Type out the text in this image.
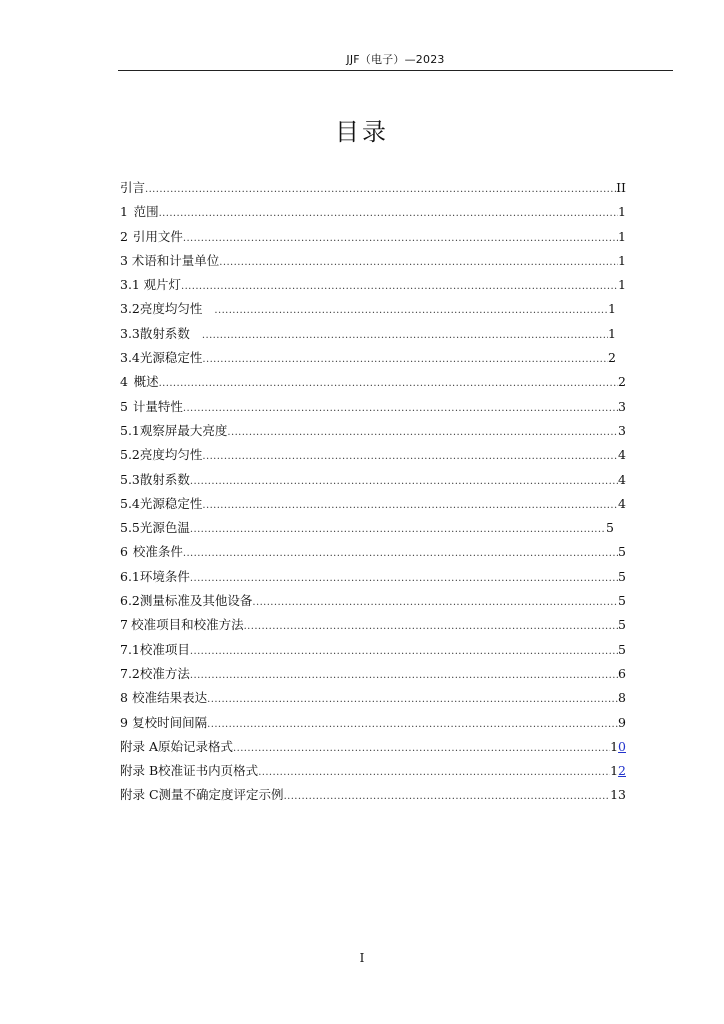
JJF（电子）—2023
目录
引言 .....	II
1 范围 .....	1
2 引用文件 .....	1
3 术语和计量单位 .....	1
3.1 观片灯 .....	1
3.2 亮度均匀性 .....	1
3.3 散射系数 .....	1
3.4 光源稳定性 .....	2
4 概述 .....	2
5 计量特性 .....	3
5.1 观察屏最大亮度 .....	3
5.2 亮度均匀性 .....	4
5.3 散射系数 .....	4
5.4 光源稳定性 .....	4
5.5 光源色温 .....	5
6 校准条件 .....	5
6.1 环境条件 .....	5
6.2 测量标准及其他设备 .....	5
7 校准项目和校准方法 .....	5
7.1 校准项目 .....	5
7.2 校准方法 .....	6
8 校准结果表达 .....	8
9 复校时间间隔 .....	9
附录 A 原始记录格式 .....	10
附录 B 校准证书内页格式 .....	12
附录 C 测量不确定度评定示例 .....	13
I
